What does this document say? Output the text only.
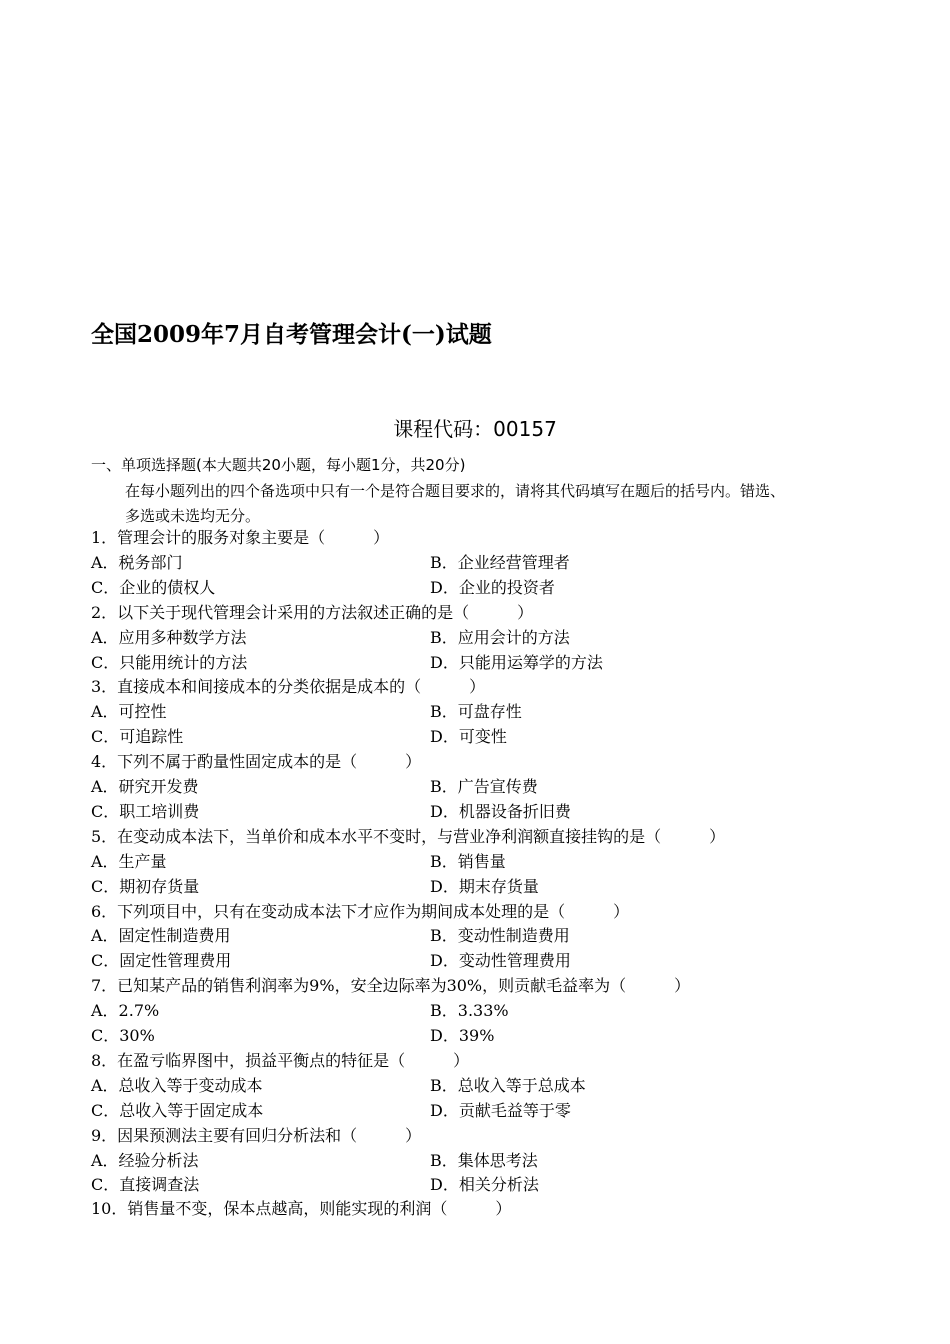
全国2009年7月自考管理会计(一)试题
课程代码：00157
一、单项选择题(本大题共20小题，每小题1分，共20分)
在每小题列出的四个备选项中只有一个是符合题目要求的，请将其代码填写在题后的括号内。错选、
多选或未选均无分。
1．管理会计的服务对象主要是（　　　）
A．税务部门	B．企业经营管理者
C．企业的债权人	D．企业的投资者
2．以下关于现代管理会计采用的方法叙述正确的是（　　　）
A．应用多种数学方法	B．应用会计的方法
C．只能用统计的方法	D．只能用运筹学的方法
3．直接成本和间接成本的分类依据是成本的（　　　）
A．可控性	B．可盘存性
C．可追踪性	D．可变性
4．下列不属于酌量性固定成本的是（　　　）
A．研究开发费	B．广告宣传费
C．职工培训费	D．机器设备折旧费
5．在变动成本法下，当单价和成本水平不变时，与营业净利润额直接挂钩的是（　　　）
A．生产量	B．销售量
C．期初存货量	D．期末存货量
6．下列项目中，只有在变动成本法下才应作为期间成本处理的是（　　　）
A．固定性制造费用	B．变动性制造费用
C．固定性管理费用	D．变动性管理费用
7．已知某产品的销售利润率为9%，安全边际率为30%，则贡献毛益率为（　　　）
A．2.7%	B．3.33%
C．30%	D．39%
8．在盈亏临界图中，损益平衡点的特征是（　　　）
A．总收入等于变动成本	B．总收入等于总成本
C．总收入等于固定成本	D．贡献毛益等于零
9．因果预测法主要有回归分析法和（　　　）
A．经验分析法	B．集体思考法
C．直接调查法	D．相关分析法
10．销售量不变，保本点越高，则能实现的利润（　　　）
